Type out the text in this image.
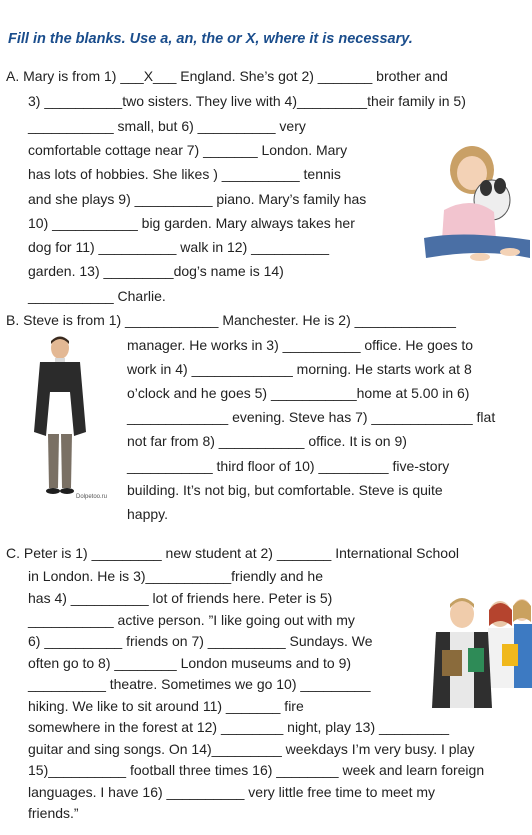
Fill in the blanks. Use a, an, the or X, where it is necessary.
A. Mary is from 1) ___X___ England. She’s got 2) _______ brother and
3) __________two sisters. They live with 4)_________their family in 5)
___________ small, but 6) __________ very
comfortable cottage near 7) _______ London. Mary
has lots of hobbies. She likes ) __________ tennis
and she plays 9) __________ piano. Mary’s family has
10) ___________ big garden. Mary always takes her
dog for 11) __________ walk in 12) __________
garden. 13) _________dog’s name is 14)
___________ Charlie.
B. Steve is from 1) ____________ Manchester. He is 2) _____________
manager. He works in 3) __________ office. He goes to
work in 4) _____________ morning. He starts work at 8
o’clock and he goes 5) ___________home at 5.00 in 6)
_____________ evening. Steve has 7) _____________ flat
not far from 8) ___________ office. It is on 9)
___________ third floor of 10) _________ five-story
building. It’s not big, but comfortable. Steve is quite
happy.
Dolpetoo.ru
C. Peter is 1) _________ new student at 2) _______ International School
in London. He is 3)___________friendly and he
has 4) __________ lot of friends here. Peter is 5)
___________ active person. ”I like going out with my
6) __________ friends on 7) __________ Sundays. We
often go to 8) ________ London museums and to 9)
__________ theatre. Sometimes we go 10) _________
hiking. We like to sit around 11) _______ fire
somewhere in the forest at 12) ________ night, play 13) _________
guitar and sing songs. On 14)_________ weekdays I’m very busy. I play
15)__________ football three times 16) ________ week and learn foreign
languages. I have 16) __________ very little free time to meet my
friends.”
